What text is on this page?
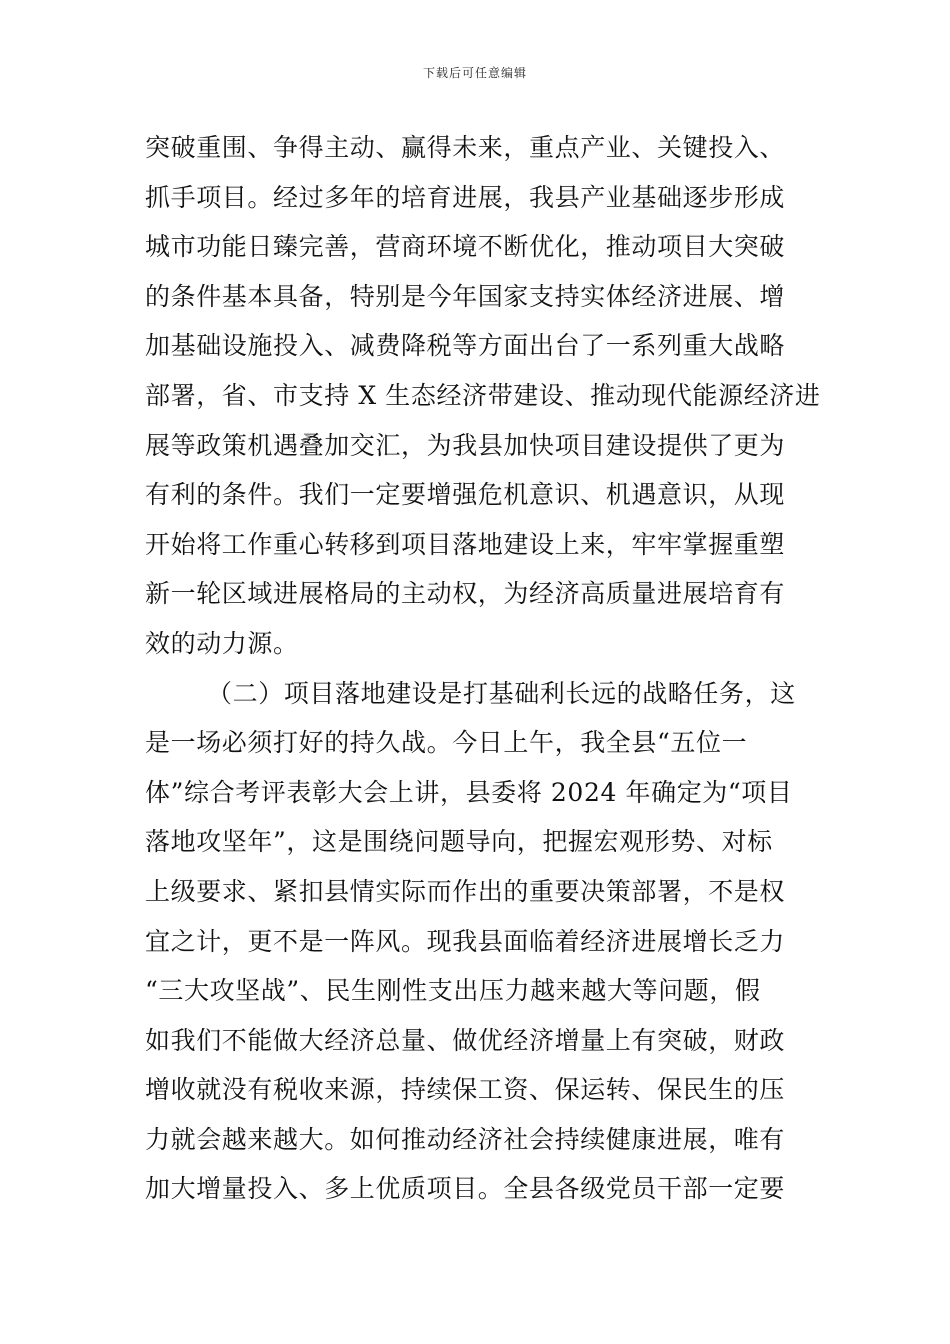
下载后可任意编辑
突破重围、争得主动、赢得未来，重点产业、关键投入、
抓手项目。经过多年的培育进展，我县产业基础逐步形成
城市功能日臻完善，营商环境不断优化，推动项目大突破
的条件基本具备，特别是今年国家支持实体经济进展、增
加基础设施投入、减费降税等方面出台了一系列重大战略
部署，省、市支持 X 生态经济带建设、推动现代能源经济进
展等政策机遇叠加交汇，为我县加快项目建设提供了更为
有利的条件。我们一定要增强危机意识、机遇意识，从现
开始将工作重心转移到项目落地建设上来，牢牢掌握重塑
新一轮区域进展格局的主动权，为经济高质量进展培育有
效的动力源。
（二）项目落地建设是打基础利长远的战略任务，这
是一场必须打好的持久战。今日上午，我全县“五位一
体”综合考评表彰大会上讲，县委将 2024 年确定为“项目
落地攻坚年”，这是围绕问题导向，把握宏观形势、对标
上级要求、紧扣县情实际而作出的重要决策部署，不是权
宜之计，更不是一阵风。现我县面临着经济进展增长乏力
“三大攻坚战”、民生刚性支出压力越来越大等问题，假
如我们不能做大经济总量、做优经济增量上有突破，财政
增收就没有税收来源，持续保工资、保运转、保民生的压
力就会越来越大。如何推动经济社会持续健康进展，唯有
加大增量投入、多上优质项目。全县各级党员干部一定要
